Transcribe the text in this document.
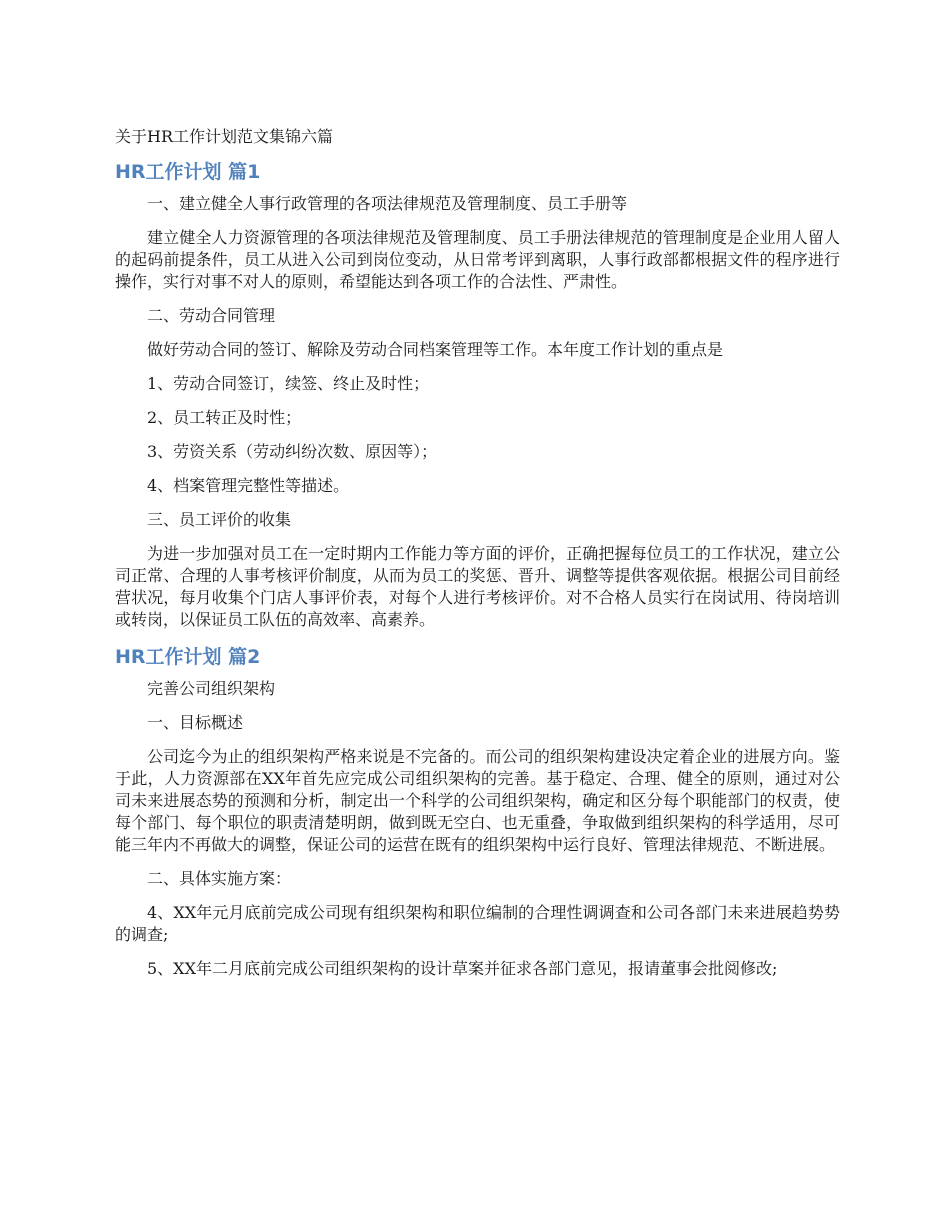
关于HR工作计划范文集锦六篇
HR工作计划 篇1

一、建立健全人事行政管理的各项法律规范及管理制度、员工手册等

建立健全人力资源管理的各项法律规范及管理制度、员工手册法律规范的管理制度是企业用人留人的起码前提条件，员工从进入公司到岗位变动，从日常考评到离职，人事行政部都根据文件的程序进行操作，实行对事不对人的原则，希望能达到各项工作的合法性、严肃性。

二、劳动合同管理

做好劳动合同的签订、解除及劳动合同档案管理等工作。本年度工作计划的重点是

1、劳动合同签订，续签、终止及时性；

2、员工转正及时性；

3、劳资关系（劳动纠纷次数、原因等）；

4、档案管理完整性等描述。

三、员工评价的收集

为进一步加强对员工在一定时期内工作能力等方面的评价，正确把握每位员工的工作状况，建立公司正常、合理的人事考核评价制度，从而为员工的奖惩、晋升、调整等提供客观依据。根据公司目前经营状况，每月收集个门店人事评价表，对每个人进行考核评价。对不合格人员实行在岗试用、待岗培训或转岗，以保证员工队伍的高效率、高素养。

HR工作计划 篇2

完善公司组织架构

一、目标概述

公司迄今为止的组织架构严格来说是不完备的。而公司的组织架构建设决定着企业的进展方向。鉴于此，人力资源部在XX年首先应完成公司组织架构的完善。基于稳定、合理、健全的原则，通过对公司未来进展态势的预测和分析，制定出一个科学的公司组织架构，确定和区分每个职能部门的权责，使每个部门、每个职位的职责清楚明朗，做到既无空白、也无重叠，争取做到组织架构的科学适用，尽可能三年内不再做大的调整，保证公司的运营在既有的组织架构中运行良好、管理法律规范、不断进展。

二、具体实施方案：

4、XX年元月底前完成公司现有组织架构和职位编制的合理性调调查和公司各部门未来进展趋势势的调查;

5、XX年二月底前完成公司组织架构的设计草案并征求各部门意见，报请董事会批阅修改;
